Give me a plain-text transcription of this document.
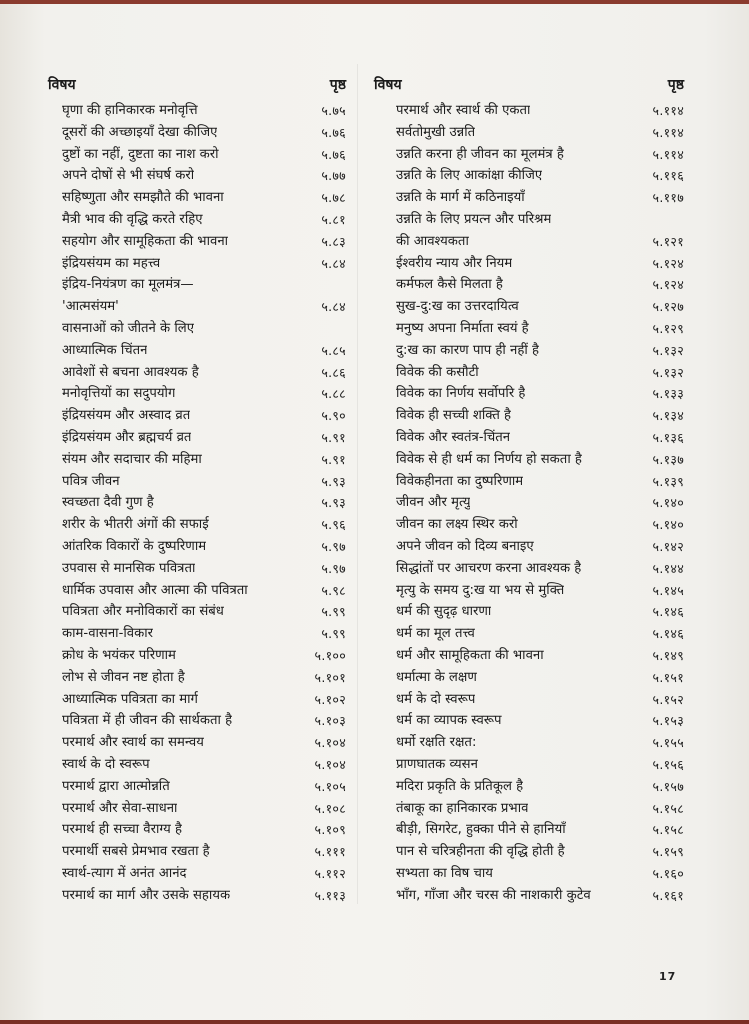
विषय	पृष्ठ
घृणा की हानिकारक मनोवृत्ति	५.७५
दूसरों की अच्छाइयाँ देखा कीजिए	५.७६
दुष्टों का नहीं, दुष्टता का नाश करो	५.७६
अपने दोषों से भी संघर्ष करो	५.७७
सहिष्णुता और समझौते की भावना	५.७८
मैत्री भाव की वृद्धि करते रहिए	५.८१
सहयोग और सामूहिकता की भावना	५.८३
इंद्रियसंयम का महत्त्व	५.८४
इंद्रिय-नियंत्रण का मूलमंत्र—
'आत्मसंयम'	५.८४
वासनाओं को जीतने के लिए
आध्यात्मिक चिंतन	५.८५
आवेशों से बचना आवश्यक है	५.८६
मनोवृत्तियों का सदुपयोग	५.८८
इंद्रियसंयम और अस्वाद व्रत	५.९०
इंद्रियसंयम और ब्रह्मचर्य व्रत	५.९१
संयम और सदाचार की महिमा	५.९१
पवित्र जीवन	५.९३
स्वच्छता दैवी गुण है	५.९३
शरीर के भीतरी अंगों की सफाई	५.९६
आंतरिक विकारों के दुष्परिणाम	५.९७
उपवास से मानसिक पवित्रता	५.९७
धार्मिक उपवास और आत्मा की पवित्रता	५.९८
पवित्रता और मनोविकारों का संबंध	५.९९
काम-वासना-विकार	५.९९
क्रोध के भयंकर परिणाम	५.१००
लोभ से जीवन नष्ट होता है	५.१०१
आध्यात्मिक पवित्रता का मार्ग	५.१०२
पवित्रता में ही जीवन की सार्थकता है	५.१०३
परमार्थ और स्वार्थ का समन्वय	५.१०४
स्वार्थ के दो स्वरूप	५.१०४
परमार्थ द्वारा आत्मोन्नति	५.१०५
परमार्थ और सेवा-साधना	५.१०८
परमार्थ ही सच्चा वैराग्य है	५.१०९
परमार्थी सबसे प्रेमभाव रखता है	५.१११
स्वार्थ-त्याग में अनंत आनंद	५.११२
परमार्थ का मार्ग और उसके सहायक	५.११३
विषय	पृष्ठ
परमार्थ और स्वार्थ की एकता	५.११४
सर्वतोमुखी उन्नति	५.११४
उन्नति करना ही जीवन का मूलमंत्र है	५.११४
उन्नति के लिए आकांक्षा कीजिए	५.११६
उन्नति के मार्ग में कठिनाइयाँ	५.११७
उन्नति के लिए प्रयत्न और परिश्रम
की आवश्यकता	५.१२१
ईश्वरीय न्याय और नियम	५.१२४
कर्मफल कैसे मिलता है	५.१२४
सुख-दु:ख का उत्तरदायित्व	५.१२७
मनुष्य अपना निर्माता स्वयं है	५.१२९
दु:ख का कारण पाप ही नहीं है	५.१३२
विवेक की कसौटी	५.१३२
विवेक का निर्णय सर्वोपरि है	५.१३३
विवेक ही सच्ची शक्ति है	५.१३४
विवेक और स्वतंत्र-चिंतन	५.१३६
विवेक से ही धर्म का निर्णय हो सकता है	५.१३७
विवेकहीनता का दुष्परिणाम	५.१३९
जीवन और मृत्यु	५.१४०
जीवन का लक्ष्य स्थिर करो	५.१४०
अपने जीवन को दिव्य बनाइए	५.१४२
सिद्धांतों पर आचरण करना आवश्यक है	५.१४४
मृत्यु के समय दु:ख या भय से मुक्ति	५.१४५
धर्म की सुदृढ़ धारणा	५.१४६
धर्म का मूल तत्त्व	५.१४६
धर्म और सामूहिकता की भावना	५.१४९
धर्मात्मा के लक्षण	५.१५१
धर्म के दो स्वरूप	५.१५२
धर्म का व्यापक स्वरूप	५.१५३
धर्मो रक्षति रक्षत:	५.१५५
प्राणघातक व्यसन	५.१५६
मदिरा प्रकृति के प्रतिकूल है	५.१५७
तंबाकू का हानिकारक प्रभाव	५.१५८
बीड़ी, सिगरेट, हुक्का पीने से हानियाँ	५.१५८
पान से चरित्रहीनता की वृद्धि होती है	५.१५९
सभ्यता का विष चाय	५.१६०
भाँग, गाँजा और चरस की नाशकारी कुटेव	५.१६१
17
